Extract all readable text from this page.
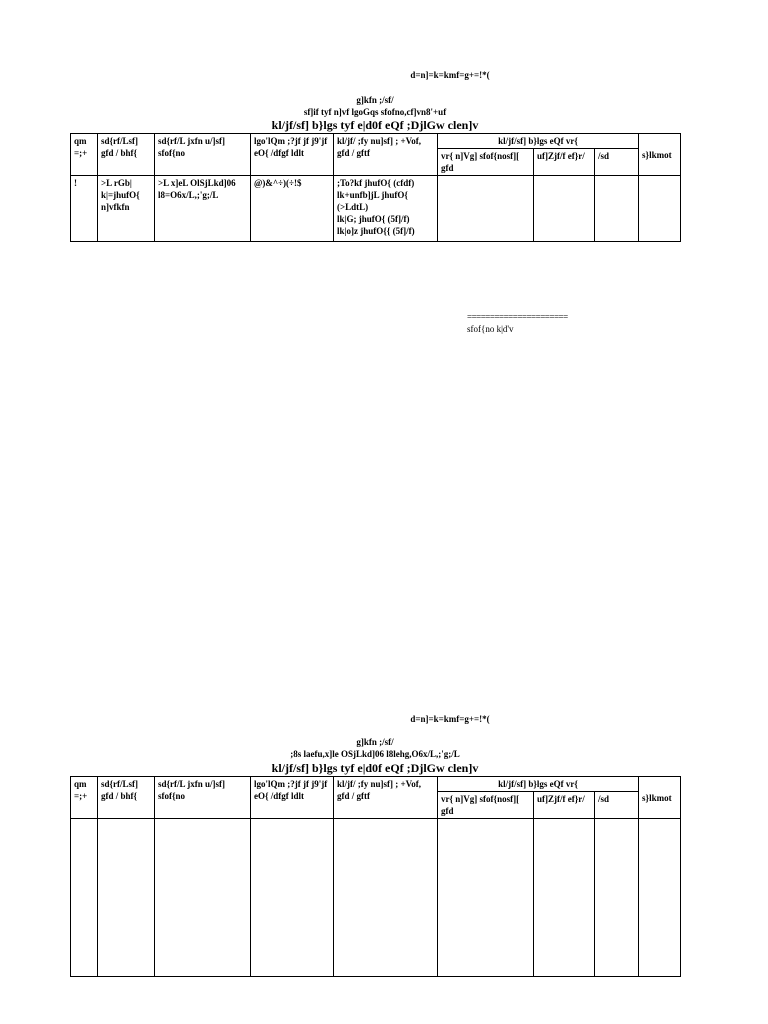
d=n]=k=kmf=g+=!*(
g]kfn ;/sf/
sf]if tyf n]vf lgoGqs sfofno,cf]vn8'+uf
kl/jf/sf] b}lgs tyf e|d0f eQf ;DjlGw clen]v
qm =;+	sd{rf/Lsf] gfd / bhf{	sd{rf/L jxfn u/]sf] sfof{no	lgo'lQm ;?jf jf j9'jf eO{ /dfgf ldlt	kl/jf/ ;fy nu]sf] ; +Vof, gfd / gftf	kl/jf/sf] b}lgs eQf vr{			s}lkmot
					vr{ n]Vg] sfof{nosf][ gfd	uf]Zjf/f ef}r/	/sd	
!	>L rGb| k|=jhufO{ n]vfkfn	>L x]eL OlSjLkd]06 l8=O6x/L,;'g;/L	@)&^÷)(÷!$	;To?kf jhufO{ (cfdf)
lk+unfb]jL jhufO{ (>LdtL)
lk|G; jhufO{ (5f]/f)
lk|o]z jhufO{{ (5f]/f)				

======================
sfof{no k|d'v
d=n]=k=kmf=g+=!*(
g]kfn ;/sf/
;8s laefu,x]le OSjLkd]06 l8lehg,O6x/L,;'g;/L
kl/jf/sf] b}lgs tyf e|d0f eQf ;DjlGw clen]v
qm =;+	sd{rf/Lsf] gfd / bhf{	sd{rf/L jxfn u/]sf] sfof{no	lgo'lQm ;?jf jf j9'jf eO{ /dfgf ldlt	kl/jf/ ;fy nu]sf] ; +Vof, gfd / gftf	kl/jf/sf] b}lgs eQf vr{			s}lkmot
					vr{ n]Vg] sfof{nosf][ gfd	uf]Zjf/f ef}r/	/sd	
